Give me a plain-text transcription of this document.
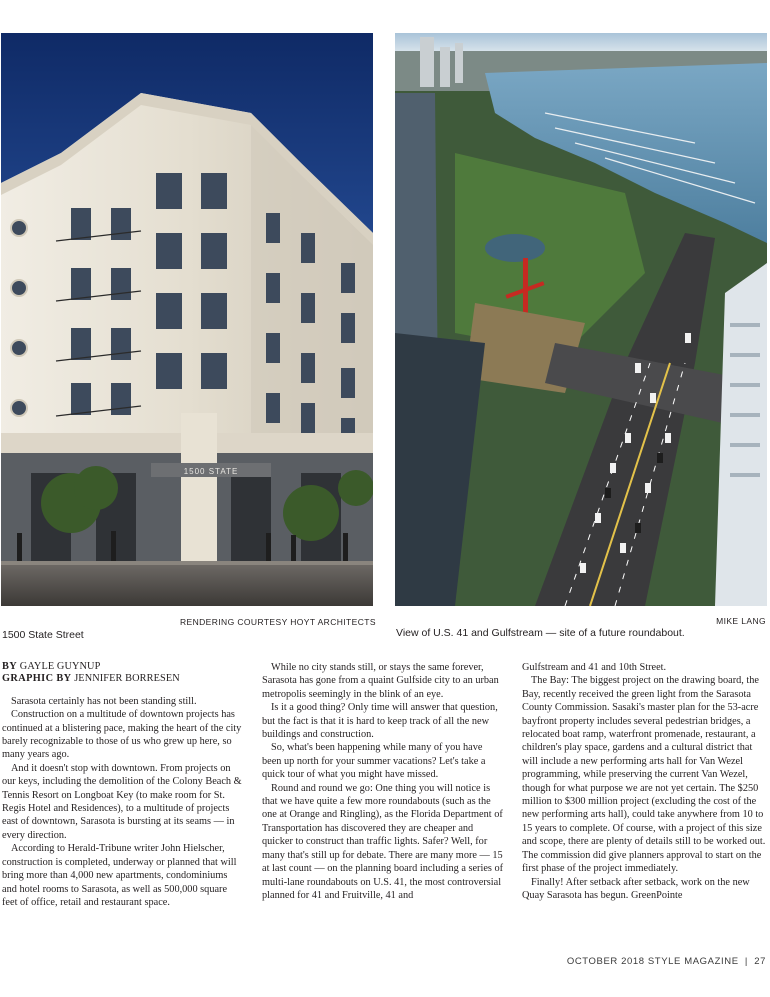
1500 STATE
RENDERING COURTESY HOYT ARCHITECTS
1500 State Street
MIKE LANG
View of U.S. 41 and Gulfstream — site of a future roundabout.
BY GAYLE GUYNUP
GRAPHIC BY JENNIFER BORRESEN

Sarasota certainly has not been standing still.

Construction on a multitude of downtown projects has continued at a blistering pace, making the heart of the city barely recognizable to those of us who grew up here, so many years ago.

And it doesn't stop with downtown. From projects on our keys, including the demolition of the Colony Beach & Tennis Resort on Longboat Key (to make room for St. Regis Hotel and Residences), to a multitude of projects east of downtown, Sarasota is bursting at its seams — in every direction.

According to Herald-Tribune writer John Hielscher, construction is completed, underway or planned that will bring more than 4,000 new apartments, condominiums and hotel rooms to Sarasota, as well as 500,000 square feet of office, retail and restaurant space.

While no city stands still, or stays the same forever, Sarasota has gone from a quaint Gulfside city to an urban metropolis seemingly in the blink of an eye.

Is it a good thing? Only time will answer that question, but the fact is that it is hard to keep track of all the new buildings and construction.

So, what's been happening while many of you have been up north for your summer vacations? Let's take a quick tour of what you might have missed.

Round and round we go: One thing you will notice is that we have quite a few more roundabouts (such as the one at Orange and Ringling), as the Florida Department of Transportation has discovered they are cheaper and quicker to construct than traffic lights. Safer? Well, for many that's still up for debate. There are many more — 15 at last count — on the planning board including a series of multi-lane roundabouts on U.S. 41, the most controversial planned for 41 and Fruitville, 41 and

Gulfstream and 41 and 10th Street.

The Bay: The biggest project on the drawing board, the Bay, recently received the green light from the Sarasota County Commission. Sasaki's master plan for the 53-acre bayfront property includes several pedestrian bridges, a relocated boat ramp, waterfront promenade, restaurant, a children's play space, gardens and a cultural district that will include a new performing arts hall for Van Wezel programming, while preserving the current Van Wezel, though for what purpose we are not yet certain. The $250 million to $300 million project (excluding the cost of the new performing arts hall), could take anywhere from 10 to 15 years to complete. Of course, with a project of this size and scope, there are plenty of details still to be worked out. The commission did give planners approval to start on the first phase of the project immediately.

Finally! After setback after setback, work on the new Quay Sarasota has begun. GreenPointe

OCTOBER 2018 STYLE MAGAZINE | 27
